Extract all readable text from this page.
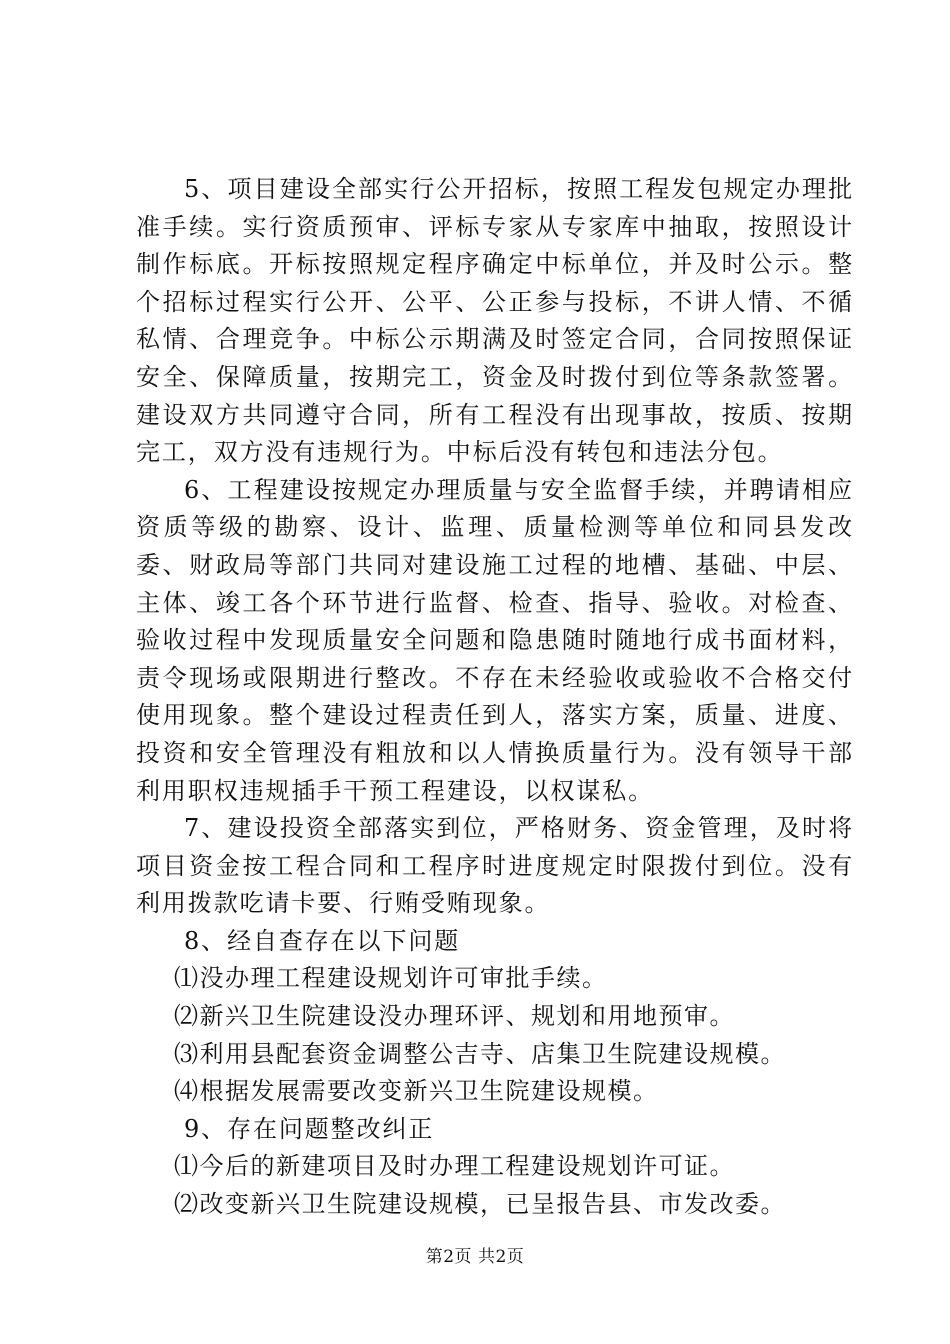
5、项目建设全部实行公开招标，按照工程发包规定办理批准手续。实行资质预审、评标专家从专家库中抽取，按照设计制作标底。开标按照规定程序确定中标单位，并及时公示。整个招标过程实行公开、公平、公正参与投标，不讲人情、不循私情、合理竞争。中标公示期满及时签定合同，合同按照保证安全、保障质量，按期完工，资金及时拨付到位等条款签署。建设双方共同遵守合同，所有工程没有出现事故，按质、按期完工，双方没有违规行为。中标后没有转包和违法分包。

6、工程建设按规定办理质量与安全监督手续，并聘请相应资质等级的勘察、设计、监理、质量检测等单位和同县发改委、财政局等部门共同对建设施工过程的地槽、基础、中层、主体、竣工各个环节进行监督、检查、指导、验收。对检查、验收过程中发现质量安全问题和隐患随时随地行成书面材料，责令现场或限期进行整改。不存在未经验收或验收不合格交付使用现象。整个建设过程责任到人，落实方案，质量、进度、投资和安全管理没有粗放和以人情换质量行为。没有领导干部利用职权违规插手干预工程建设，以权谋私。

7、建设投资全部落实到位，严格财务、资金管理，及时将项目资金按工程合同和工程序时进度规定时限拨付到位。没有利用拨款吃请卡要、行贿受贿现象。

8、经自查存在以下问题

⑴没办理工程建设规划许可审批手续。

⑵新兴卫生院建设没办理环评、规划和用地预审。

⑶利用县配套资金调整公吉寺、店集卫生院建设规模。

⑷根据发展需要改变新兴卫生院建设规模。

9、存在问题整改纠正

⑴今后的新建项目及时办理工程建设规划许可证。

⑵改变新兴卫生院建设规模，已呈报告县、市发改委。

第2页 共2页
